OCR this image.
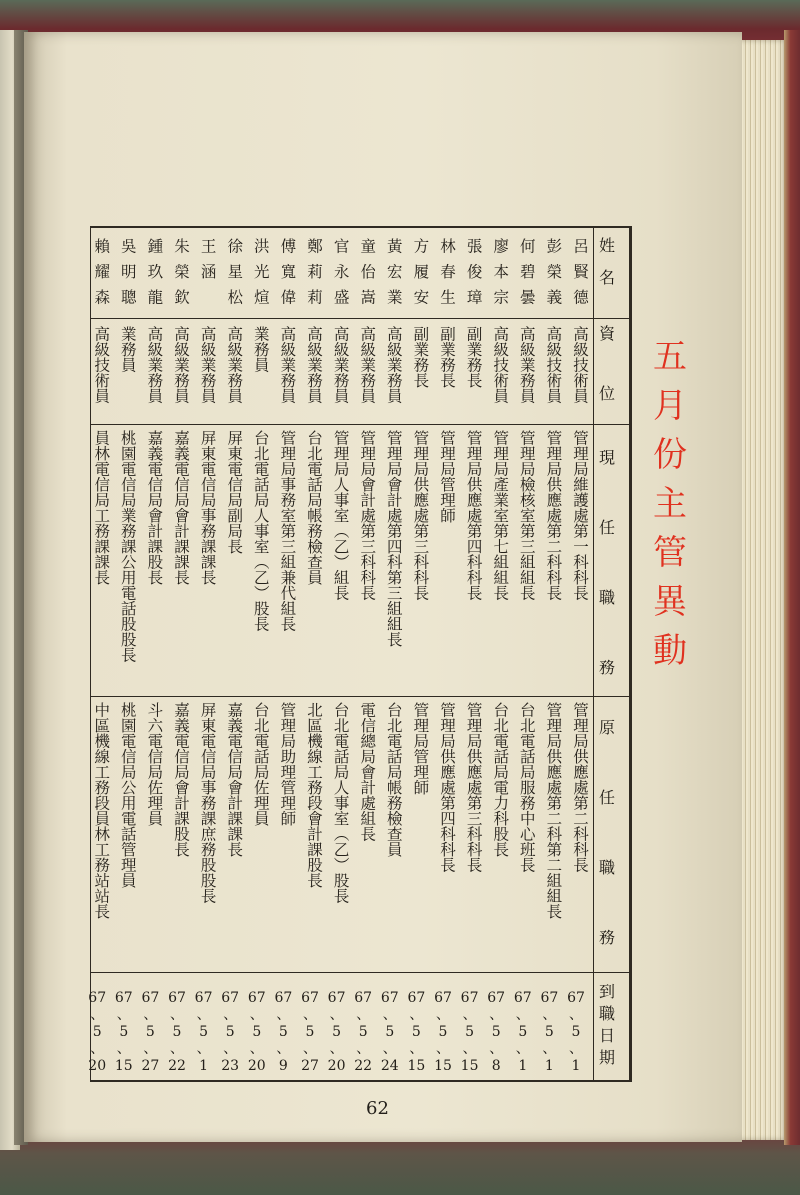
五
月
份
主
管
異
動
姓
名
資
位
現
任
職
務
原
任
職
務
到
職
日
期
呂賢德
高級技術員
管理局維護處第一科科長
管理局供應處第二科科長
67
、
5
、
1
彭榮義
高級技術員
管理局供應處第二科科長
管理局供應處第二科第二組組長
67
、
5
、
1
何碧曇
高級業務員
管理局檢核室第三組組長
台北電話局服務中心班長
67
、
5
、
1
廖本宗
高級技術員
管理局產業室第七組組長
台北電話局電力科股長
67
、
5
、
8
張俊璋
副業務長
管理局供應處第四科科長
管理局供應處第三科科長
67
、
5
、
15
林春生
副業務長
管理局管理師
管理局供應處第四科科長
67
、
5
、
15
方履安
副業務長
管理局供應處第三科科長
管理局管理師
67
、
5
、
15
黃宏業
高級業務員
管理局會計處第四科第三組組長
台北電話局帳務檢查員
67
、
5
、
24
童佁嵩
高級業務員
管理局會計處第三科科長
電信總局會計處組長
67
、
5
、
22
官永盛
高級業務員
管理局人事室（乙）組長
台北電話局人事室（乙）股長
67
、
5
、
20
鄭莉莉
高級業務員
台北電話局帳務檢查員
北區機線工務段會計課股長
67
、
5
、
27
傅寬偉
高級業務員
管理局事務室第三組兼代組長
管理局助理管理師
67
、
5
、
9
洪光煊
業務員
台北電話局人事室（乙）股長
台北電話局佐理員
67
、
5
、
20
徐星松
高級業務員
屏東電信局副局長
嘉義電信局會計課課長
67
、
5
、
23
王涵
高級業務員
屏東電信局事務課課長
屏東電信局事務課庶務股股長
67
、
5
、
1
朱榮欽
高級業務員
嘉義電信局會計課課長
嘉義電信局會計課股長
67
、
5
、
22
鍾玖龍
高級業務員
嘉義電信局會計課股長
斗六電信局佐理員
67
、
5
、
27
吳明聰
業務員
桃園電信局業務課公用電話股股長
桃園電信局公用電話管理員
67
、
5
、
15
賴耀森
高級技術員
員林電信局工務課課長
中區機線工務段員林工務站站長
67
、
5
、
20
62
